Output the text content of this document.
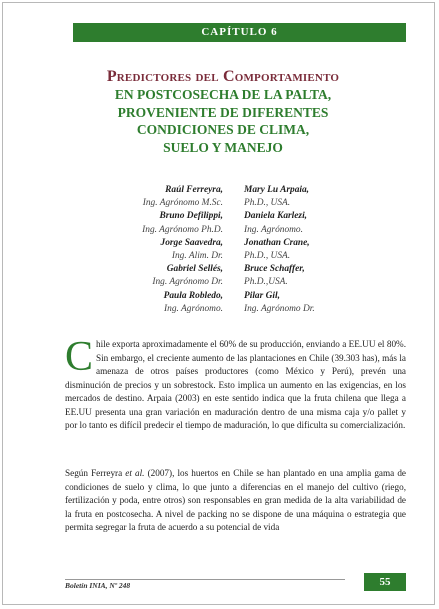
CAPÍTULO 6
Predictores del Comportamiento
EN POSTCOSECHA DE LA PALTA,
PROVENIENTE DE DIFERENTES
CONDICIONES DE CLIMA,
SUELO Y MANEJO
Raúl Ferreyra,
Ing. Agrónomo M.Sc.
Bruno Defilippi,
Ing. Agrónomo Ph.D.
Jorge Saavedra,
Ing. Alim. Dr.
Gabriel Sellés,
Ing. Agrónomo Dr.
Paula Robledo,
Ing. Agrónomo.
Mary Lu Arpaia,
Ph.D., USA.
Daniela Karlezi,
Ing. Agrónomo.
Jonathan Crane,
Ph.D., USA.
Bruce Schaffer,
Ph.D.,USA.
Pilar Gil,
Ing. Agrónomo Dr.
Chile exporta aproximadamente el 60% de su producción, enviando a EE.UU el 80%. Sin embargo, el creciente aumento de las plantaciones en Chile (39.303 has), más la amenaza de otros países productores (como México y Perú), prevén una disminución de precios y un sobrestock. Esto implica un aumento en las exigencias, en los mercados de destino. Arpaia (2003) en este sentido indica que la fruta chilena que llega a EE.UU presenta una gran variación en maduración dentro de una misma caja y/o pallet y por lo tanto es difícil predecir el tiempo de maduración, lo que dificulta su comercialización.
Según Ferreyra et al. (2007), los huertos en Chile se han plantado en una amplia gama de condiciones de suelo y clima, lo que junto a diferencias en el manejo del cultivo (riego, fertilización y poda, entre otros) son responsables en gran medida de la alta variabilidad de la fruta en postcosecha. A nivel de packing no se dispone de una máquina o estrategia que permita segregar la fruta de acuerdo a su potencial de vida
Boletín INIA, Nº 248	55
